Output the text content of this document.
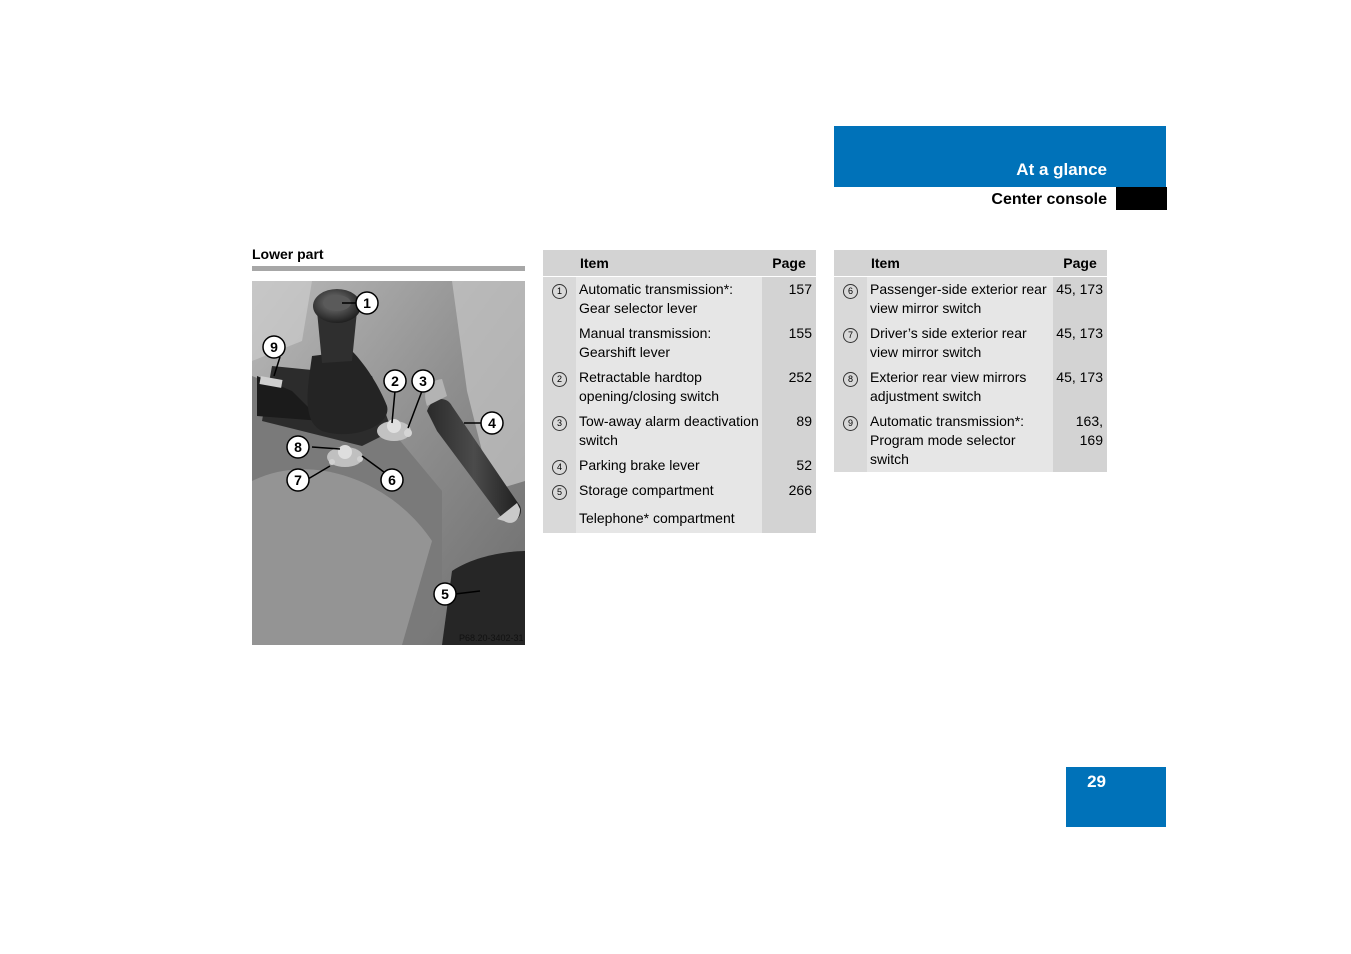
At a glance
Center console
Lower part
1
9
2 3
4
8
7	6
5
P68.20-3402-31
	Item	Page
1	Automatic transmission*: Gear selector lever	157
	Manual transmission: Gearshift lever	155
2	Retractable hardtop opening/closing switch	252
3	Tow-away alarm deactivation switch	89
4	Parking brake lever	52
5	Storage compartment	266
	Telephone* compartment	
	Item	Page
6	Passenger-side exterior rear view mirror switch	45, 173
7	Driver’s side exterior rear view mirror switch	45, 173
8	Exterior rear view mirrors adjustment switch	45, 173
9	Automatic transmission*: Program mode selector switch	163, 169
29
